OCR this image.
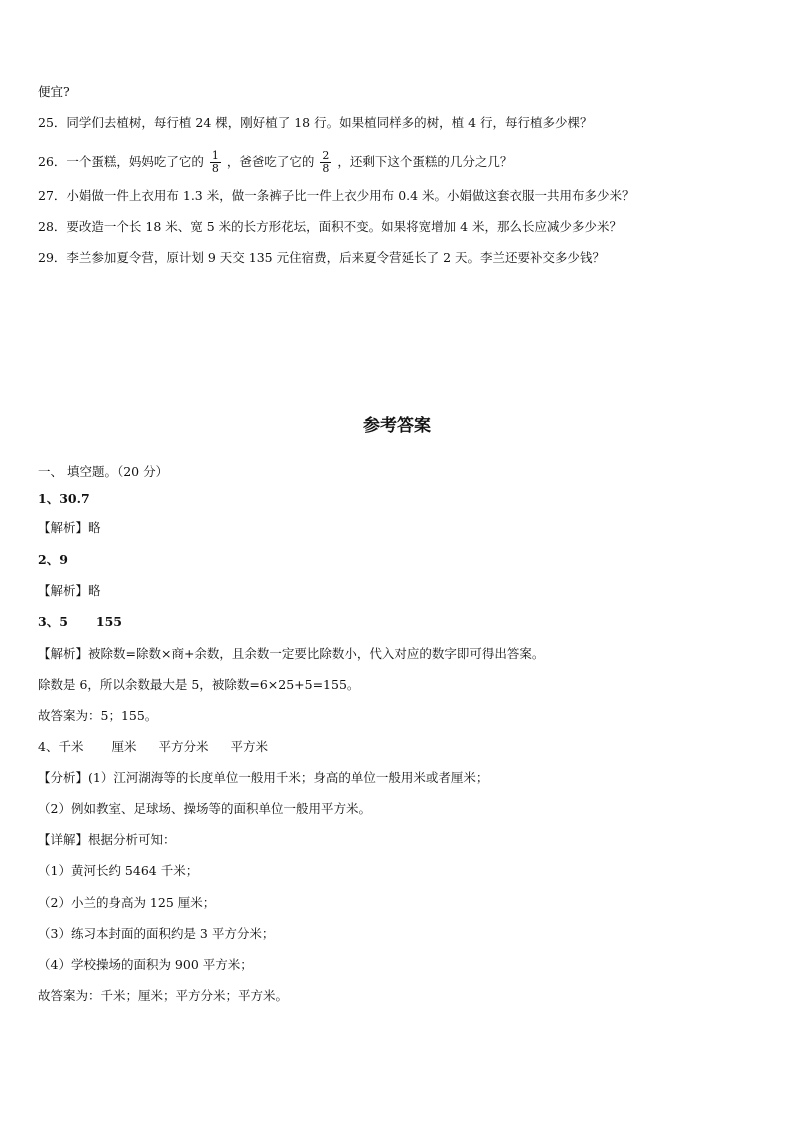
便宜?
25．同学们去植树，每行植 24 棵，刚好植了 18 行。如果植同样多的树，植 4 行，每行植多少棵？
26．一个蛋糕，妈妈吃了它的 $\frac{1}{8}$ ，爸爸吃了它的 $\frac{2}{8}$ ，还剩下这个蛋糕的几分之几？
27．小娟做一件上衣用布 1.3 米，做一条裤子比一件上衣少用布 0.4 米。小娟做这套衣服一共用布多少米？
28．要改造一个长 18 米、宽 5 米的长方形花坛，面积不变。如果将宽增加 4 米，那么长应减少多少米？
29．李兰参加夏令营，原计划 9 天交 135 元住宿费，后来夏令营延长了 2 天。李兰还要补交多少钱？
参考答案
一、 填空题。（20 分）
1、30.7
【解析】略
2、9
【解析】略
3、5 155
【解析】被除数=除数×商+余数，且余数一定要比除数小，代入对应的数字即可得出答案。
除数是 6，所以余数最大是 5，被除数=6×25+5=155。
故答案为：5；155。
4、千米 厘米 平方分米 平方米
【分析】(1）江河湖海等的长度单位一般用千米；身高的单位一般用米或者厘米；
（2）例如教室、足球场、操场等的面积单位一般用平方米。
【详解】根据分析可知：
（1）黄河长约 5464 千米；
（2）小兰的身高为 125 厘米；
（3）练习本封面的面积约是 3 平方分米；
（4）学校操场的面积为 900 平方米；
故答案为：千米；厘米；平方分米；平方米。
